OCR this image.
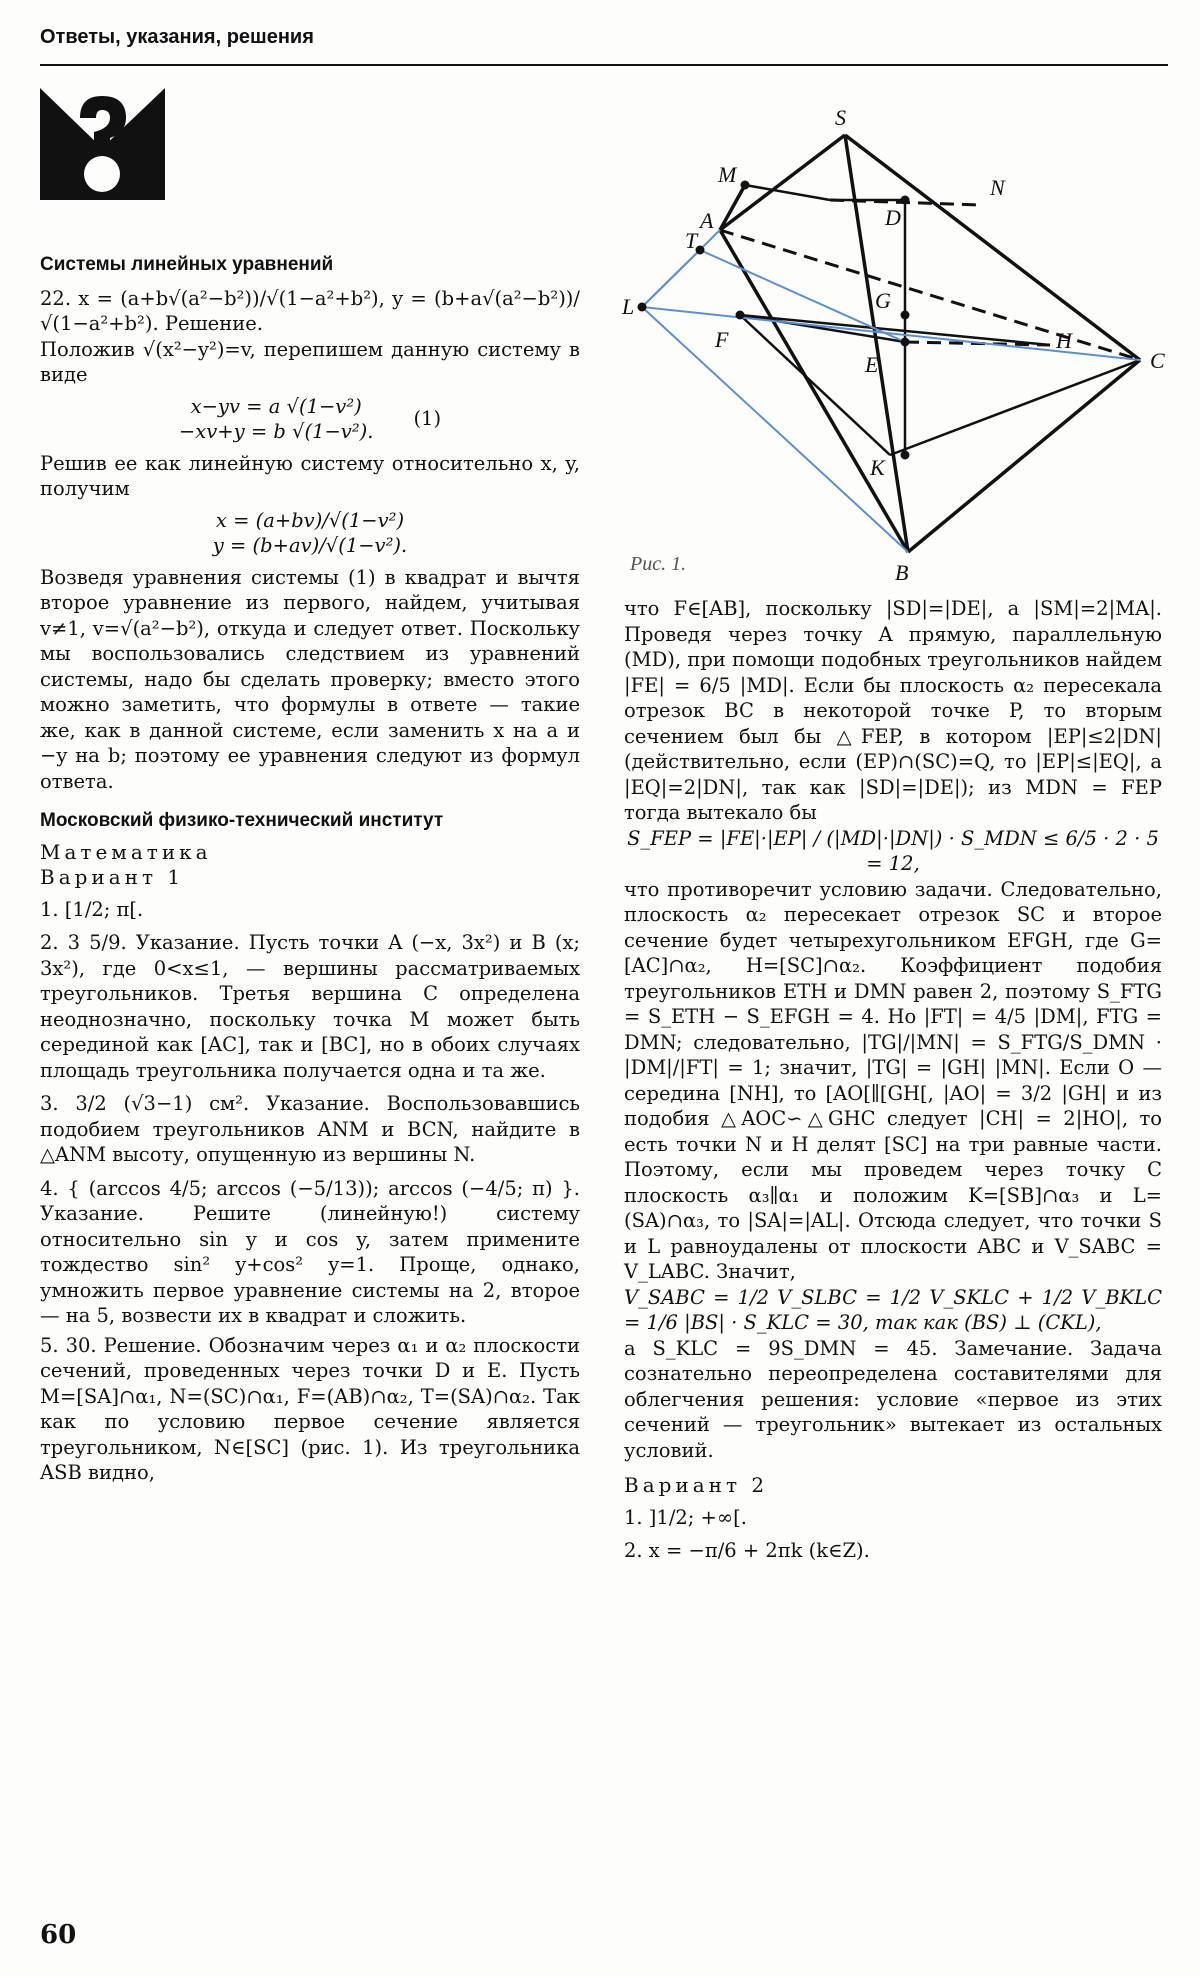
Ответы, указания, решения

Системы линейных уравнений

22. x = (a+b√(a²−b²))/√(1−a²+b²), y = (b+a√(a²−b²))/√(1−a²+b²). Решение.

Положив √(x²−y²)=v, перепишем данную систему в виде

x−yv = a √(1−v²)
−xv+y = b √(1−v²).
(1)

Решив ее как линейную систему относительно x, y, получим

x = (a+bv)/√(1−v²)
y = (b+av)/√(1−v²).

Возведя уравнения системы (1) в квадрат и вычтя второе уравнение из первого, найдем, учитывая v≠1, v=√(a²−b²), откуда и следует ответ. Поскольку мы воспользовались следствием из уравнений системы, надо бы сделать проверку; вместо этого можно заметить, что формулы в ответе — такие же, как в данной системе, если заменить x на a и −y на b; поэтому ее уравнения следуют из формул ответа.

Московский физико-технический институт

Математика

Вариант 1

1. [1/2; π[.

2. 3 5/9. Указание. Пусть точки A (−x, 3x²) и B (x; 3x²), где 0<x≤1, — вершины рассматриваемых треугольников. Третья вершина C определена неоднозначно, поскольку точка M может быть серединой как [AC], так и [BC], но в обоих случаях площадь треугольника получается одна и та же.

3. 3/2 (√3−1) см². Указание. Воспользовавшись подобием треугольников ANM и BCN, найдите в △ANM высоту, опущенную из вершины N.

4. { (arccos 4/5; arccos (−5/13)); arccos (−4/5; π) }. Указание. Решите (линейную!) систему относительно sin y и cos y, затем примените тождество sin² y+cos² y=1. Проще, однако, умножить первое уравнение системы на 2, второе — на 5, возвести их в квадрат и сложить.

5. 30. Решение. Обозначим через α₁ и α₂ плоскости сечений, проведенных через точки D и E. Пусть M=[SA]∩α₁, N=(SC)∩α₁, F=(AB)∩α₂, T=(SA)∩α₂. Так как по условию первое сечение является треугольником, N∈[SC] (рис. 1). Из треугольника ASB видно,

S
M
N
A	D
T
G
F	H
E
L
C
K
B
Рис. 1.

что F∈[AB], поскольку |SD|=|DE|, а |SM|=2|MA|. Проведя через точку A прямую, параллельную (MD), при помощи подобных треугольников найдем |FE| = 6/5 |MD|. Если бы плоскость α₂ пересекала отрезок BC в некоторой точке P, то вторым сечением был бы △FEP, в котором |EP|≤2|DN| (действительно, если (EP)∩(SC)=Q, то |EP|≤|EQ|, а |EQ|=2|DN|, так как |SD|=|DE|); из MDN = FEP тогда вытекало бы

S_FEP = |FE|·|EP| / (|MD|·|DN|) · S_MDN ≤ 6/5 · 2 · 5 = 12,

что противоречит условию задачи. Следовательно, плоскость α₂ пересекает отрезок SC и второе сечение будет четырехугольником EFGH, где G=[AC]∩α₂, H=[SC]∩α₂. Коэффициент подобия треугольников ETH и DMN равен 2, поэтому S_FTG = S_ETH − S_EFGH = 4. Но |FT| = 4/5 |DM|, FTG = DMN; следовательно, |TG|/|MN| = S_FTG/S_DMN · |DM|/|FT| = 1; значит, |TG| = |GH| |MN|. Если O — середина [NH], то [AO[∥[GH[, |AO| = 3/2 |GH| и из подобия △AOC∽△GHC следует |CH| = 2|HO|, то есть точки N и H делят [SC] на три равные части. Поэтому, если мы проведем через точку C плоскость α₃∥α₁ и положим K=[SB]∩α₃ и L=(SA)∩α₃, то |SA|=|AL|. Отсюда следует, что точки S и L равноудалены от плоскости ABC и V_SABC = V_LABC. Значит,

V_SABC = 1/2 V_SLBC = 1/2 V_SKLC + 1/2 V_BKLC = 1/6 |BS| · S_KLC = 30, так как (BS) ⊥ (CKL),

а S_KLC = 9S_DMN = 45. Замечание. Задача сознательно переопределена составителями для облегчения решения: условие «первое из этих сечений — треугольник» вытекает из остальных условий.

Вариант 2

1. ]1/2; +∞[.

2. x = −π/6 + 2πk (k∈Z).

60
